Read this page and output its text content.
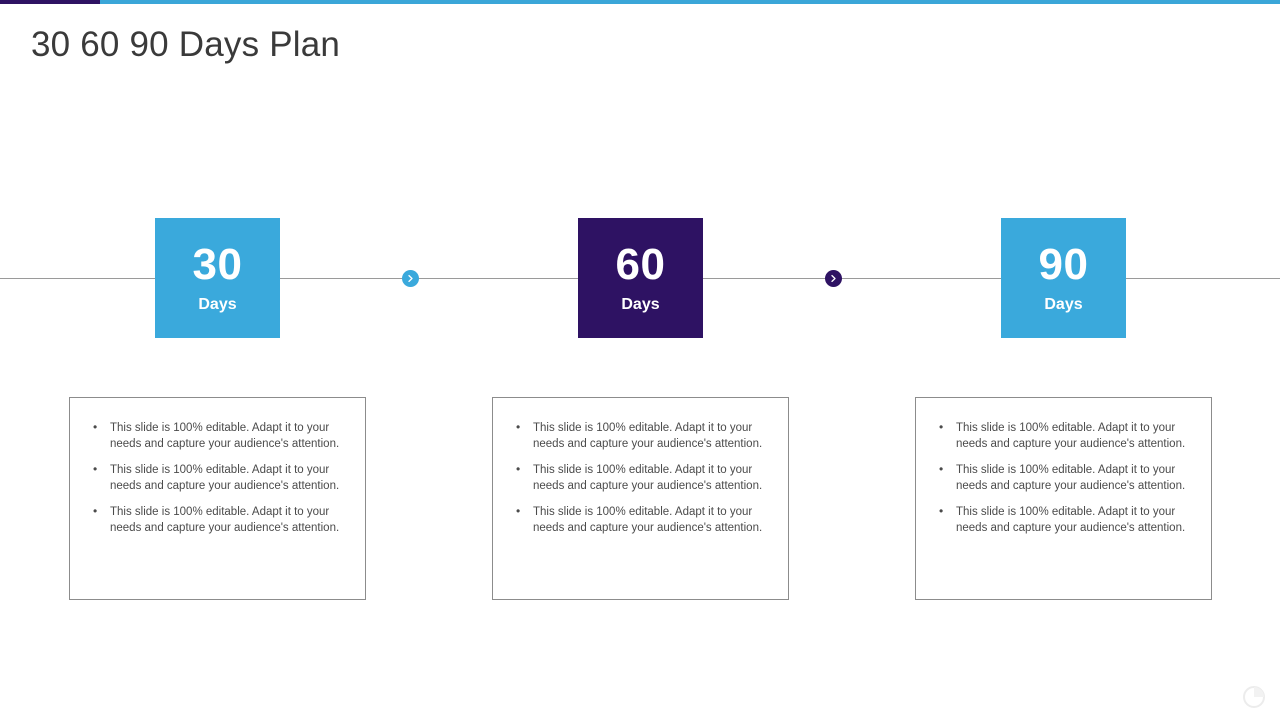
30 60 90 Days Plan
30
Days
60
Days
90
Days
• This slide is 100% editable. Adapt it to your needs and capture your audience's attention.
• This slide is 100% editable. Adapt it to your needs and capture your audience's attention.
• This slide is 100% editable. Adapt it to your needs and capture your audience's attention.
• This slide is 100% editable. Adapt it to your needs and capture your audience's attention.
• This slide is 100% editable. Adapt it to your needs and capture your audience's attention.
• This slide is 100% editable. Adapt it to your needs and capture your audience's attention.
• This slide is 100% editable. Adapt it to your needs and capture your audience's attention.
• This slide is 100% editable. Adapt it to your needs and capture your audience's attention.
• This slide is 100% editable. Adapt it to your needs and capture your audience's attention.
